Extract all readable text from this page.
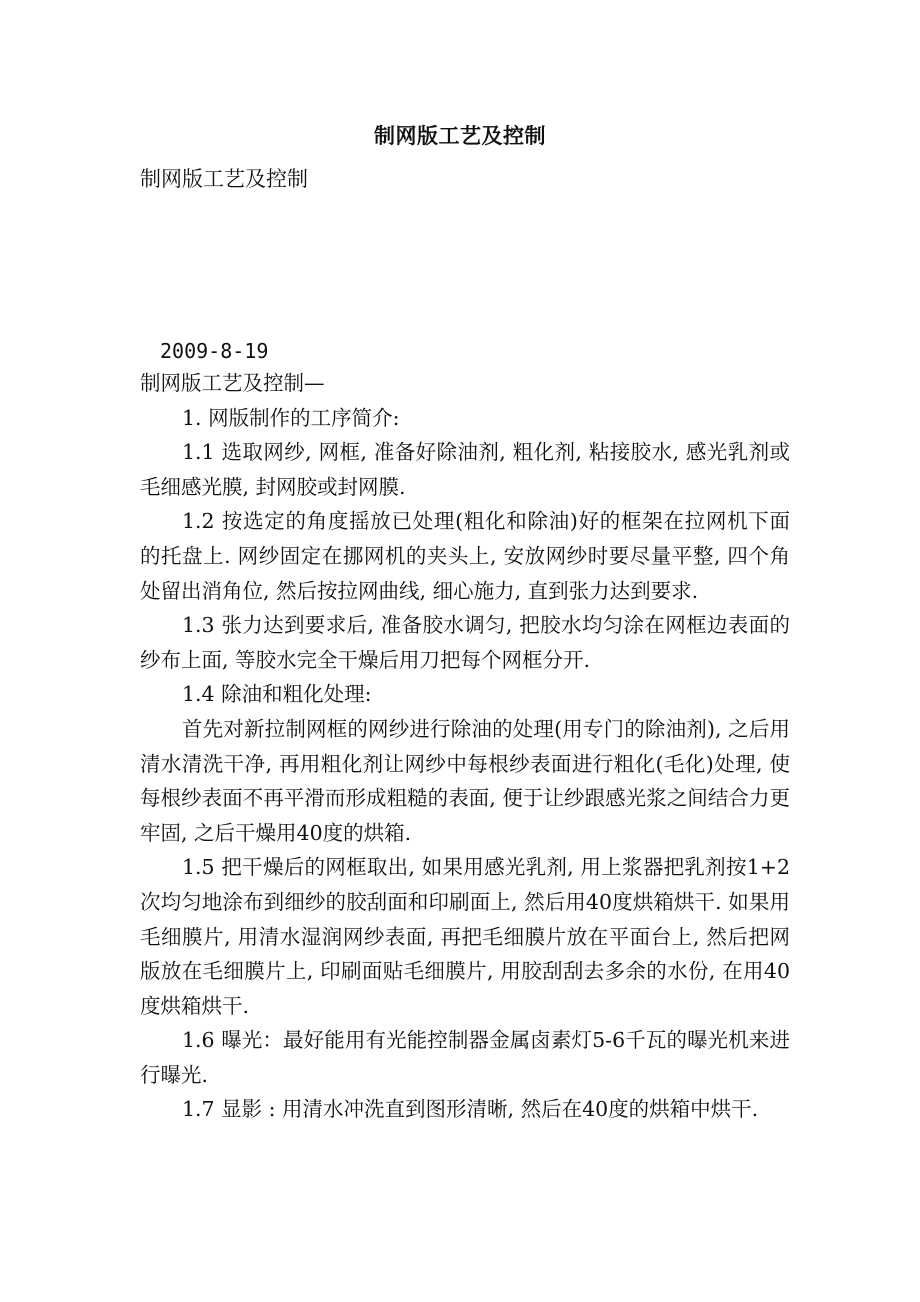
制网版工艺及控制
制网版工艺及控制
2009-8-19

制网版工艺及控制—

1. 网版制作的工序简介:

1.1 选取网纱, 网框, 准备好除油剂, 粗化剂, 粘接胶水, 感光乳剂或毛细感光膜, 封网胶或封网膜.

1.2 按选定的角度摇放已处理(粗化和除油)好的框架在拉网机下面的托盘上. 网纱固定在挪网机的夹头上, 安放网纱时要尽量平整, 四个角处留出消角位, 然后按拉网曲线, 细心施力, 直到张力达到要求.

1.3 张力达到要求后, 准备胶水调匀, 把胶水均匀涂在网框边表面的纱布上面, 等胶水完全干燥后用刀把每个网框分开.

1.4 除油和粗化处理:

首先对新拉制网框的网纱进行除油的处理(用专门的除油剂), 之后用清水清洗干净, 再用粗化剂让网纱中每根纱表面进行粗化(毛化)处理, 使每根纱表面不再平滑而形成粗糙的表面, 便于让纱跟感光浆之间结合力更牢固, 之后干燥用40度的烘箱.

1.5 把干燥后的网框取出, 如果用感光乳剂, 用上浆器把乳剂按1+2次均匀地涂布到细纱的胶刮面和印刷面上, 然后用40度烘箱烘干. 如果用毛细膜片, 用清水湿润网纱表面, 再把毛细膜片放在平面台上, 然后把网版放在毛细膜片上, 印刷面贴毛细膜片, 用胶刮刮去多余的水份, 在用40度烘箱烘干.

1.6 曝光：最好能用有光能控制器金属卤素灯5-6千瓦的曝光机来进行曝光.

1.7 显影 : 用清水冲洗直到图形清晰, 然后在40度的烘箱中烘干.
